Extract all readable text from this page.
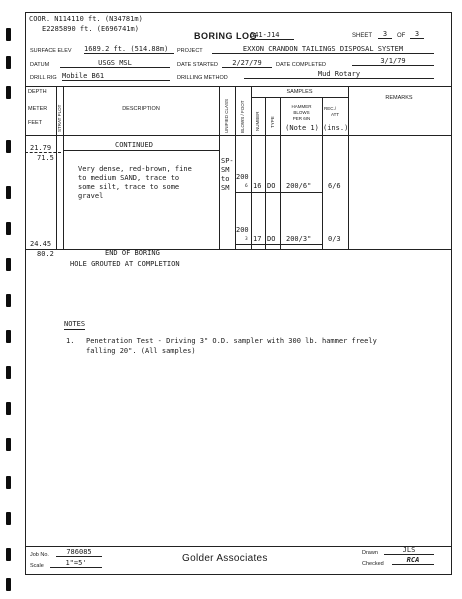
COOR. N114110 ft. (N34781m)
E2285890 ft. (E696741m)
BORING LOG
G41-J14	SHEET	3	OF	3
SURFACE ELEV 1689.2 ft. (514.88m)	PROJECT	EXXON CRANDON TAILINGS DISPOSAL SYSTEM
DATUM	USGS MSL	DATE STARTED	2/27/79	DATE COMPLETED	3/1/79
DRILL RIG Mobile B61	DRILLING METHOD	Mud Rotary
DEPTH
METER
FEET	STRAT PLOT	DESCRIPTION	UNIFIED CLASS BLOWS / FOOT
SAMPLES
NUMBER TYPE
HAMMER
BLOWS
PER 6IN
(Note 1)
REC./
ATT
(ins.)
REMARKS
21.79
71.5
CONTINUED
Very dense, red-brown, fine
to medium SAND, trace to
some silt, trace to some
gravel
SP-
SM
to
SM
200
6 16 DO 200/6" 6/6
200
3 17 DO 200/3" 0/3
24.45
80.2	END OF BORING
HOLE GROUTED AT COMPLETION
NOTES
1. Penetration Test - Driving 3" O.D. sampler with 300 lb. hammer freely
falling 20". (All samples)
Job No.	786085
Scale	1"=5'	Golder Associates	Drawn	JLS
Checked	RCA
